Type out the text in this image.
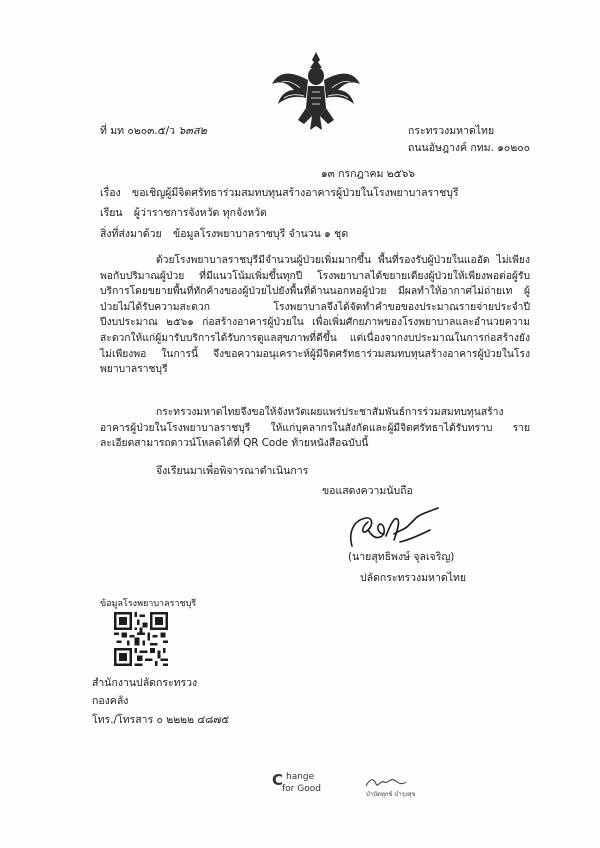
ที่ มท ๐๒๐๓.๕/ว ๖๓ส๒	กระทรวงมหาดไทย
ถนนอัษฎางค์ กทม. ๑๐๒๐๐
๑๓ กรกฎาคม ๒๕๖๖
เรื่อง ขอเชิญผู้มีจิตศรัทธาร่วมสมทบทุนสร้างอาคารผู้ป่วยในโรงพยาบาลราชบุรี
เรียน ผู้ว่าราชการจังหวัด ทุกจังหวัด
สิ่งที่ส่งมาด้วย ข้อมูลโรงพยาบาลราชบุรี จำนวน ๑ ชุด
ด้วยโรงพยาบาลราชบุรีมีจำนวนผู้ป่วยเพิ่มมากขึ้น พื้นที่รองรับผู้ป่วยในแออัด ไม่เพียงพอกับปริมาณผู้ป่วย ที่มีแนวโน้มเพิ่มขึ้นทุกปี โรงพยาบาลได้ขยายเตียงผู้ป่วยให้เพียงพอต่อผู้รับบริการโดยขยายพื้นที่ทักค้างของผู้ป่วยไปยังพื้นที่ด้านนอกหอผู้ป่วย มีผลทำให้อากาศไม่ถ่ายเท ผู้ป่วยไม่ได้รับความสะดวก โรงพยาบาลจึงได้จัดทำคำขอของประมาณรายจ่ายประจำปี ปีงบประมาณ ๒๕๖๑ ก่อสร้างอาคารผู้ป่วยใน เพื่อเพิ่มศักยภาพของโรงพยาบาลและอำนวยความสะดวกให้แก่ผู้มารับบริการได้รับการดูแลสุขภาพที่ดีขึ้น แต่เนื่องจากงบประมาณในการก่อสร้างยังไม่เพียงพอ ในการนี้ จึงขอความอนุเคราะห์ผู้มีจิตศรัทธาร่วมสมทบทุนสร้างอาคารผู้ป่วยในโรงพยาบาลราชบุรี
กระทรวงมหาดไทยจึงขอให้จังหวัดเผยแพร่ประชาสัมพันธ์การร่วมสมทบทุนสร้างอาคารผู้ป่วยในโรงพยาบาลราชบุรี ให้แก่บุคลากรในสังกัดและผู้มีจิตศรัทธาได้รับทราบ รายละเอียดสามารถดาวน์โหลดได้ที่ QR Code ท้ายหนังสือฉบับนี้
จึงเรียนมาเพื่อพิจารณาดำเนินการ
ขอแสดงความนับถือ
(นายสุทธิพงษ์ จุลเจริญ)
ปลัดกระทรวงมหาดไทย
ข้อมูลโรงพยาบาลราชบุรี
สำนักงานปลัดกระทรวง
กองคลัง
โทร./โทรสาร ๐ ๒๒๒๒ ๔๘๗๕
C hange
for Good
บำบัดทุกข์ บำรุงสุข
